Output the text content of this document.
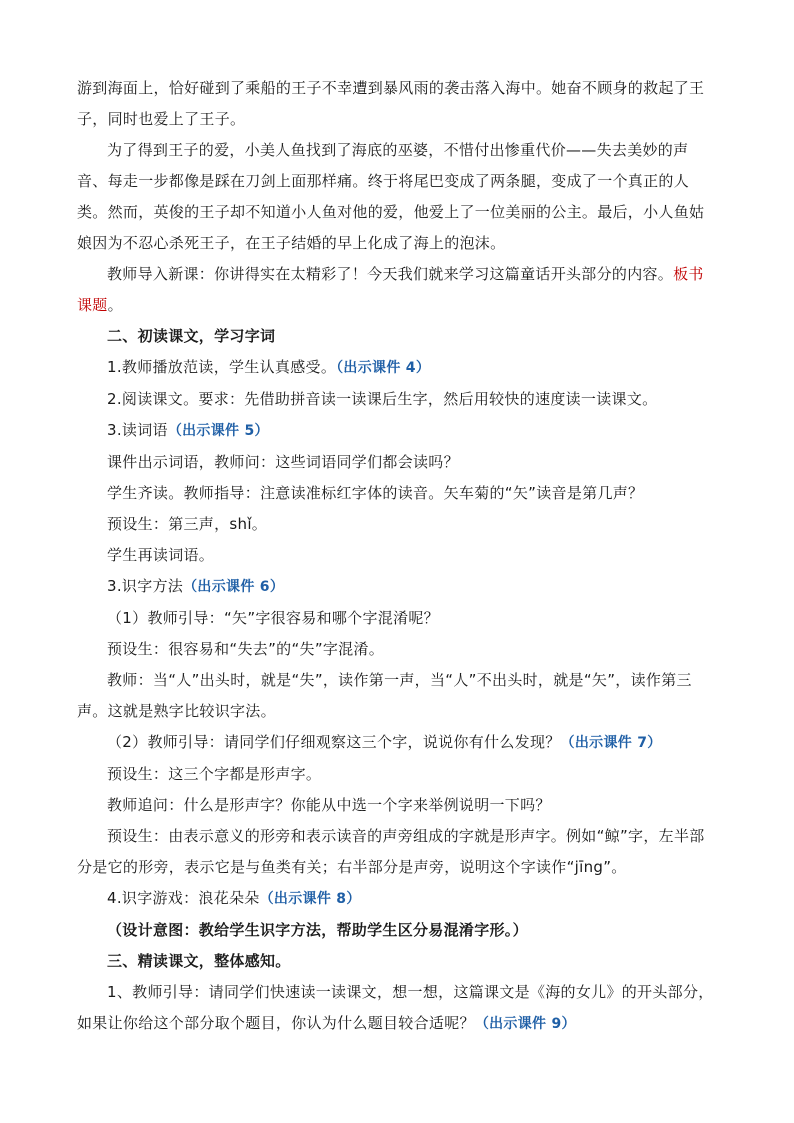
游到海面上，恰好碰到了乘船的王子不幸遭到暴风雨的袭击落入海中。她奋不顾身的救起了王子，同时也爱上了王子。

为了得到王子的爱，小美人鱼找到了海底的巫婆，不惜付出惨重代价——失去美妙的声音、每走一步都像是踩在刀剑上面那样痛。终于将尾巴变成了两条腿，变成了一个真正的人类。然而，英俊的王子却不知道小人鱼对他的爱，他爱上了一位美丽的公主。最后，小人鱼姑娘因为不忍心杀死王子，在王子结婚的早上化成了海上的泡沫。

教师导入新课：你讲得实在太精彩了！今天我们就来学习这篇童话开头部分的内容。板书课题。

二、初读课文，学习字词

1.教师播放范读，学生认真感受。（出示课件 4）

2.阅读课文。要求：先借助拼音读一读课后生字，然后用较快的速度读一读课文。

3.读词语（出示课件 5）

课件出示词语，教师问：这些词语同学们都会读吗？

学生齐读。教师指导：注意读准标红字体的读音。矢车菊的“矢”读音是第几声？

预设生：第三声，shǐ。

学生再读词语。

3.识字方法（出示课件 6）

（1）教师引导：“矢”字很容易和哪个字混淆呢？

预设生：很容易和“失去”的“失”字混淆。

教师：当“人”出头时，就是“失”，读作第一声，当“人”不出头时，就是“矢”，读作第三声。这就是熟字比较识字法。

（2）教师引导：请同学们仔细观察这三个字，说说你有什么发现？（出示课件 7）

预设生：这三个字都是形声字。

教师追问：什么是形声字？你能从中选一个字来举例说明一下吗？

预设生：由表示意义的形旁和表示读音的声旁组成的字就是形声字。例如“鲸”字，左半部分是它的形旁，表示它是与鱼类有关；右半部分是声旁，说明这个字读作“jīng”。

4.识字游戏：浪花朵朵（出示课件 8）

（设计意图：教给学生识字方法，帮助学生区分易混淆字形。）

三、精读课文，整体感知。

1、教师引导：请同学们快速读一读课文，想一想，这篇课文是《海的女儿》的开头部分，如果让你给这个部分取个题目，你认为什么题目较合适呢？（出示课件 9）
